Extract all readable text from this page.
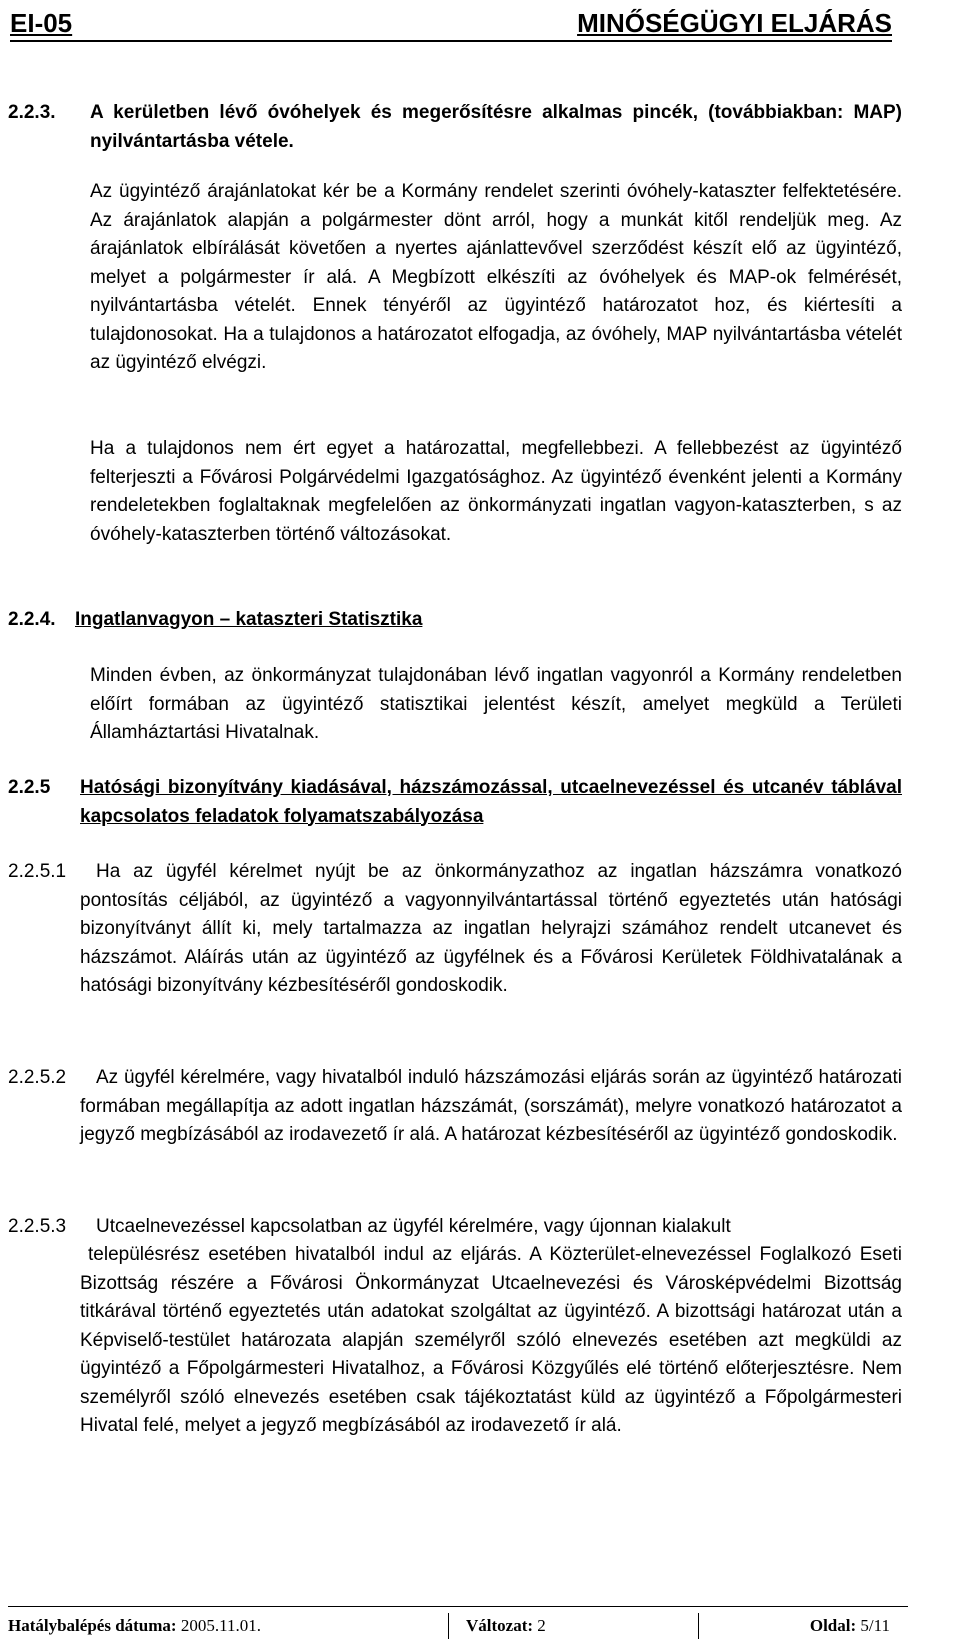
EI-05	MINŐSÉGÜGYI ELJÁRÁS
2.2.3. A kerületben lévő óvóhelyek és megerősítésre alkalmas pincék, (továbbiakban: MAP) nyilvántartásba vétele.
Az ügyintéző árajánlatokat kér be a Kormány rendelet szerinti óvóhely-kataszter felfektetésére. Az árajánlatok alapján a polgármester dönt arról, hogy a munkát kitől rendeljük meg. Az árajánlatok elbírálását követően a nyertes ajánlattevővel szerződést készít elő az ügyintéző, melyet a polgármester ír alá. A Megbízott elkészíti az óvóhelyek és MAP-ok felmérését, nyilvántartásba vételét. Ennek tényéről az ügyintéző határozatot hoz, és kiértesíti a tulajdonosokat. Ha a tulajdonos a határozatot elfogadja, az óvóhely, MAP nyilvántartásba vételét az ügyintéző elvégzi.
Ha a tulajdonos nem ért egyet a határozattal, megfellebbezi. A fellebbezést az ügyintéző felterjeszti a Fővárosi Polgárvédelmi Igazgatósághoz. Az ügyintéző évenként jelenti a Kormány rendeletekben foglaltaknak megfelelően az önkormányzati ingatlan vagyon-kataszterben, s az óvóhely-kataszterben történő változásokat.
2.2.4. Ingatlanvagyon – kataszteri Statisztika
Minden évben, az önkormányzat tulajdonában lévő ingatlan vagyonról a Kormány rendeletben előírt formában az ügyintéző statisztikai jelentést készít, amelyet megküld a Területi Államháztartási Hivatalnak.
2.2.5 Hatósági bizonyítvány kiadásával, házszámozással, utcaelnevezéssel és utcanév táblával kapcsolatos feladatok folyamatszabályozása
2.2.5.1	Ha az ügyfél kérelmet nyújt be az önkormányzathoz az ingatlan házszámra vonatkozó pontosítás céljából, az ügyintéző a vagyonnyilvántartással történő egyeztetés után hatósági bizonyítványt állít ki, mely tartalmazza az ingatlan helyrajzi számához rendelt utcanevet és házszámot. Aláírás után az ügyintéző az ügyfélnek és a Fővárosi Kerületek Földhivatalának a hatósági bizonyítvány kézbesítéséről gondoskodik.
2.2.5.2	Az ügyfél kérelmére, vagy hivatalból induló házszámozási eljárás során az ügyintéző határozati formában megállapítja az adott ingatlan házszámát, (sorszámát), melyre vonatkozó határozatot a jegyző megbízásából az irodavezető ír alá. A határozat kézbesítéséről az ügyintéző gondoskodik.
2.2.5.3 Utcaelnevezéssel kapcsolatban az ügyfél kérelmére, vagy újonnan kialakult
településrész esetében hivatalból indul az eljárás. A Közterület-elnevezéssel Foglalkozó Eseti Bizottság részére a Fővárosi Önkormányzat Utcaelnevezési és Városképvédelmi Bizottság titkárával történő egyeztetés után adatokat szolgáltat az ügyintéző. A bizottsági határozat után a Képviselő-testület határozata alapján személyről szóló elnevezés esetében azt megküldi az ügyintéző a Főpolgármesteri Hivatalhoz, a Fővárosi Közgyűlés elé történő előterjesztésre. Nem személyről szóló elnevezés esetében csak tájékoztatást küld az ügyintéző a Főpolgármesteri Hivatal felé, melyet a jegyző megbízásából az irodavezető ír alá.
Hatálybalépés dátuma: 2005.11.01.	Változat: 2	Oldal: 5/11
